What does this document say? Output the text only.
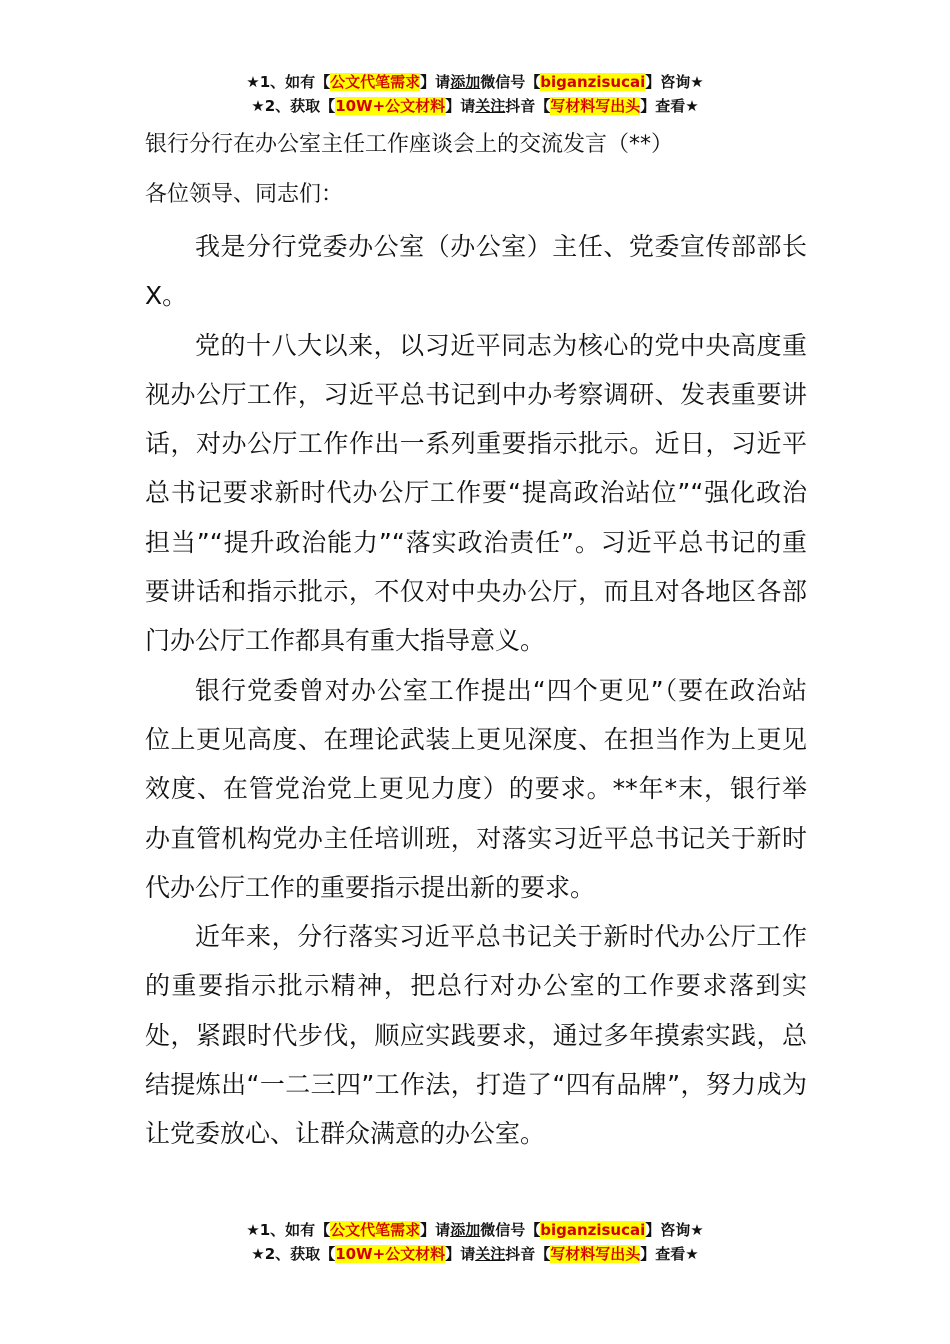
★1、如有【公文代笔需求】请添加微信号【biganzisucai】咨询★
★2、获取【10W+公文材料】请关注抖音【写材料写出头】查看★
银行分行在办公室主任工作座谈会上的交流发言（**）
各位领导、同志们：

我是分行党委办公室（办公室）主任、党委宣传部部长X。

党的十八大以来，以习近平同志为核心的党中央高度重视办公厅工作，习近平总书记到中办考察调研、发表重要讲话，对办公厅工作作出一系列重要指示批示。近日，习近平总书记要求新时代办公厅工作要“提高政治站位”“强化政治担当”“提升政治能力”“落实政治责任”。习近平总书记的重要讲话和指示批示，不仅对中央办公厅，而且对各地区各部门办公厅工作都具有重大指导意义。

银行党委曾对办公室工作提出“四个更见”（要在政治站位上更见高度、在理论武装上更见深度、在担当作为上更见效度、在管党治党上更见力度）的要求。**年*末，银行举办直管机构党办主任培训班，对落实习近平总书记关于新时代办公厅工作的重要指示提出新的要求。

近年来，分行落实习近平总书记关于新时代办公厅工作的重要指示批示精神，把总行对办公室的工作要求落到实处，紧跟时代步伐，顺应实践要求，通过多年摸索实践，总结提炼出“一二三四”工作法，打造了“四有品牌”，努力成为让党委放心、让群众满意的办公室。

★1、如有【公文代笔需求】请添加微信号【biganzisucai】咨询★
★2、获取【10W+公文材料】请关注抖音【写材料写出头】查看★
